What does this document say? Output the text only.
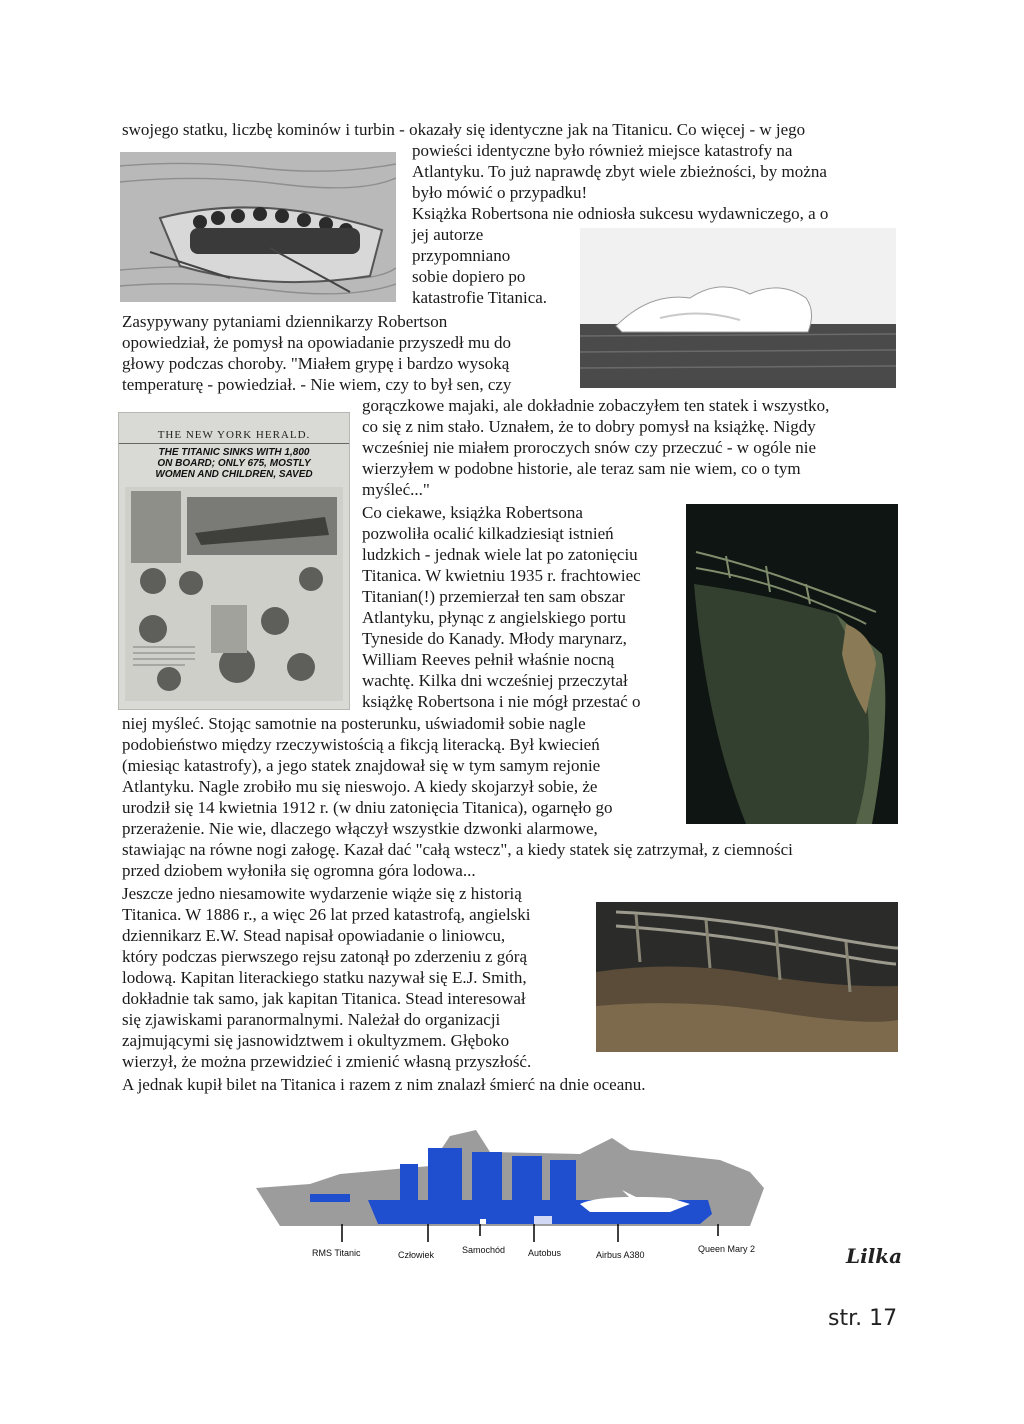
THE NEW YORK HERALD.
THE TITANIC SINKS WITH 1,800
ON BOARD; ONLY 675, MOSTLY
WOMEN AND CHILDREN, SAVED
swojego statku, liczbę kominów i turbin - okazały się identyczne jak na Titanicu. Co więcej - w jego
powieści identyczne było również miejsce katastrofy na
Atlantyku. To już naprawdę zbyt wiele zbieżności, by można
było mówić o przypadku!
Książka Robertsona nie odniosła sukcesu wydawniczego, a o
jej autorze
przypomniano
sobie dopiero po
katastrofie Titanica.
Zasypywany pytaniami dziennikarzy Robertson
opowiedział, że pomysł na opowiadanie przyszedł mu do
głowy podczas choroby. "Miałem grypę i bardzo wysoką
temperaturę - powiedział. - Nie wiem, czy to był sen, czy
gorączkowe majaki, ale dokładnie zobaczyłem ten statek i wszystko,
co się z nim stało. Uznałem, że to dobry pomysł na książkę. Nigdy
wcześniej nie miałem proroczych snów czy przeczuć - w ogóle nie
wierzyłem w podobne historie, ale teraz sam nie wiem, co o tym
myśleć..."
Co ciekawe, książka Robertsona
pozwoliła ocalić kilkadziesiąt istnień
ludzkich - jednak wiele lat po zatonięciu
Titanica. W kwietniu 1935 r. frachtowiec
Titanian(!) przemierzał ten sam obszar
Atlantyku, płynąc z angielskiego portu
Tyneside do Kanady. Młody marynarz,
William Reeves pełnił właśnie nocną
wachtę. Kilka dni wcześniej przeczytał
książkę Robertsona i nie mógł przestać o
niej myśleć. Stojąc samotnie na posterunku, uświadomił sobie nagle
podobieństwo między rzeczywistością a fikcją literacką. Był kwiecień
(miesiąc katastrofy), a jego statek znajdował się w tym samym rejonie
Atlantyku. Nagle zrobiło mu się nieswojo. A kiedy skojarzył sobie, że
urodził się 14 kwietnia 1912 r. (w dniu zatonięcia Titanica), ogarnęło go
przerażenie. Nie wie, dlaczego włączył wszystkie dzwonki alarmowe,
stawiając na równe nogi załogę. Kazał dać "całą wstecz", a kiedy statek się zatrzymał, z ciemności
przed dziobem wyłoniła się ogromna góra lodowa...
Jeszcze jedno niesamowite wydarzenie wiąże się z historią
Titanica. W 1886 r., a więc 26 lat przed katastrofą, angielski
dziennikarz E.W. Stead napisał opowiadanie o liniowcu,
który podczas pierwszego rejsu zatonął po zderzeniu z górą
lodową. Kapitan literackiego statku nazywał się E.J. Smith,
dokładnie tak samo, jak kapitan Titanica. Stead interesował
się zjawiskami paranormalnymi. Należał do organizacji
zajmującymi się jasnowidztwem i okultyzmem. Głęboko
wierzył, że można przewidzieć i zmienić własną przyszłość.
A jednak kupił bilet na Titanica i razem z nim znalazł śmierć na dnie oceanu.
RMS Titanic	Człowiek	Samochód	Autobus	Airbus A380
Queen Mary 2	Lilka
str. 17
